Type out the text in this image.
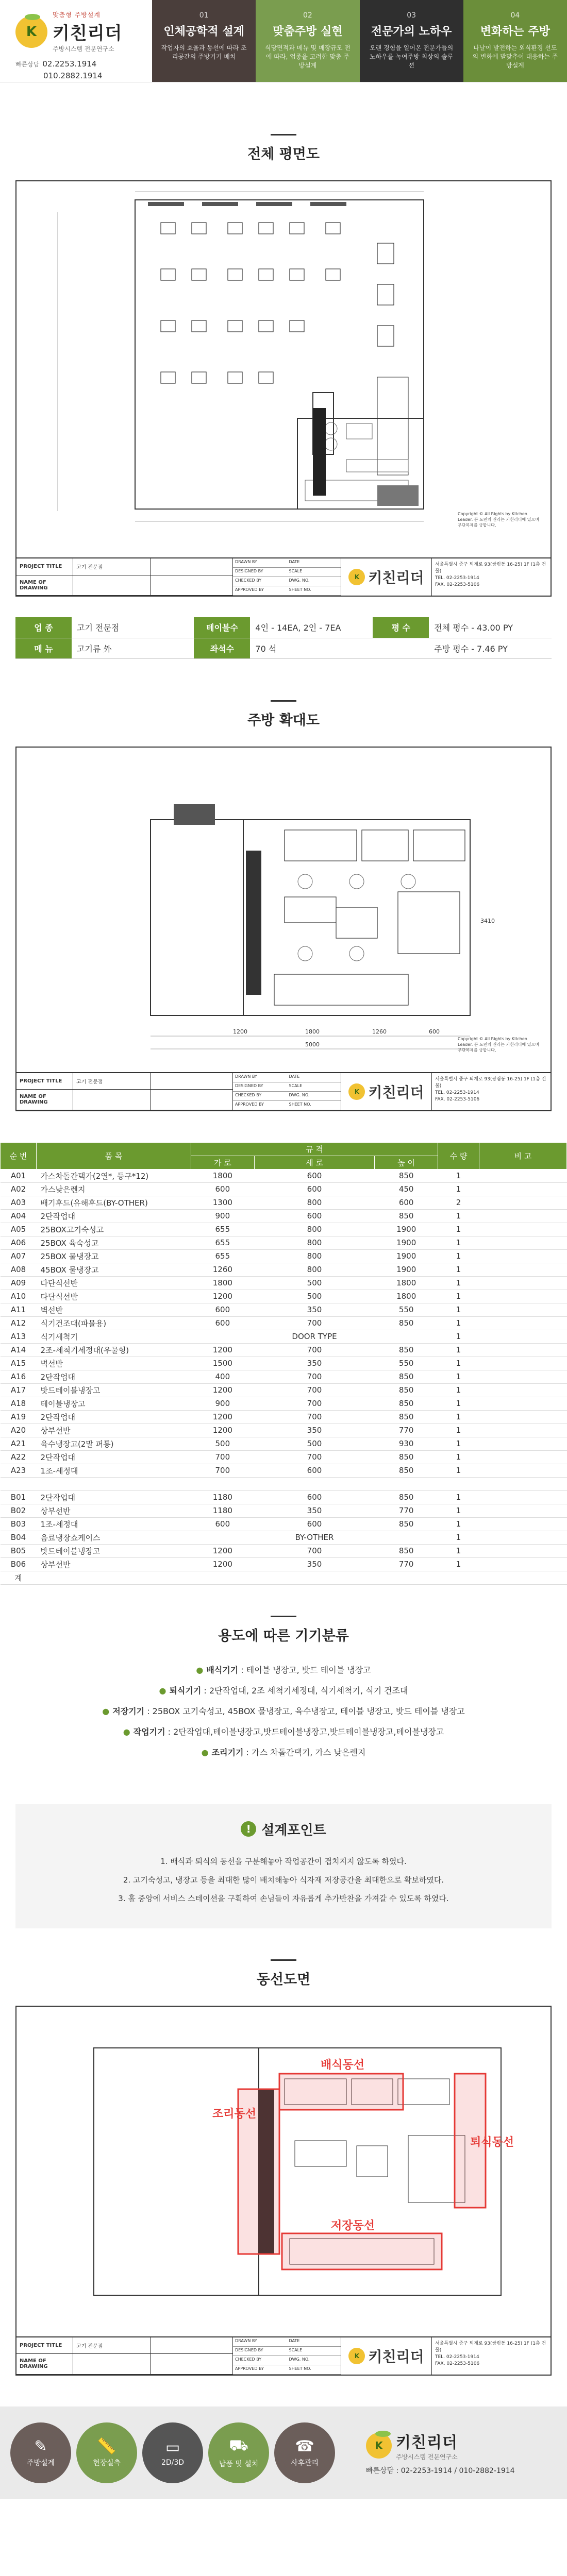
K
맞춤형 주방설계
키친리더
주방시스템 전문연구소
빠른상담 02.2253.1914
010.2882.1914
01
인체공학적 설계
작업자의 효율과 동선에 따라 조리공간의 주방기기 배치
02
맞춤주방 실현
식당면적과 메뉴 및 매장규모 전에 따라, 업종을 고려한 맞춤 주방설계
03
전문가의 노하우
오랜 경험을 일어온 전문가들의 노하우를 녹여주방 최상의 솔루션
04
변화하는 주방
나날이 발전하는 외식환경 선도의 변화에 발맞추어 대응하는 주방설계
전체 평면도
Copyright © All Rights by Kitchen Leader. 본 도면의 권리는 키친리더에 있으며 무단복제를 금합니다.
PROJECT TITLE	고기 전문점
NAME OF DRAWING
DRAWN BY	DATE
DESIGNED BY	SCALE
CHECKED BY	DWG. NO.
APPROVED BY	SHEET NO.
K 키친리더
서울특별시 중구 퇴계로 93(쌍림동 16-25) 1F (1층 건물)
TEL. 02-2253-1914
FAX. 02-2253-5106
업 종	고기 전문점	테이블수	4인 - 14EA, 2인 - 7EA	평 수	전체 평수 - 43.00 PY
메 뉴	고기류 外	좌석수	70 석		주방 평수 - 7.46 PY
주방 확대도
1200	1800	1260	600
5000
3410
Copyright © All Rights by Kitchen Leader. 본 도면의 권리는 키친리더에 있으며 무단복제를 금합니다.
PROJECT TITLE	고기 전문점
NAME OF DRAWING
DRAWN BY	DATE
DESIGNED BY	SCALE
CHECKED BY	DWG. NO.
APPROVED BY	SHEET NO.
K 키친리더
서울특별시 중구 퇴계로 93(쌍림동 16-25) 1F (1층 건물)
TEL. 02-2253-1914
FAX. 02-2253-5106
순 번	품 목	규 격			수 량	비 고
		가 로	세 로	높 이		
A01	가스차돌간택가(2열*, 등구*12)	1800	600	850	1	
A02	가스낮은렌지	600	600	450	1	
A03	배기후드(유해후드(BY-OTHER)	1300	800	600	2	
A04	2단작업대	900	600	850	1	
A05	25BOX고기숙성고	655	800	1900	1	
A06	25BOX 육숙성고	655	800	1900	1	
A07	25BOX 물냉장고	655	800	1900	1	
A08	45BOX 물냉장고	1260	800	1900	1	
A09	다단식선반	1800	500	1800	1	
A10	다단식선반	1200	500	1800	1	
A11	벽선반	600	350	550	1	
A12	식기건조대(파물용)	600	700	850	1	
A13	식기세척기		DOOR TYPE		1	
A14	2조-세척기세정대(우물형)	1200	700	850	1	
A15	벽선반	1500	350	550	1	
A16	2단작업대	400	700	850	1	
A17	밧드테이블냉장고	1200	700	850	1	
A18	테이블냉장고	900	700	850	1	
A19	2단작업대	1200	700	850	1	
A20	상부선반	1200	350	770	1	
A21	육수냉장고(2말 퍼통)	500	500	930	1	
A22	2단작업대	700	700	850	1	
A23	1조-세정대	700	600	850	1	

B01	2단작업대	1180	600	850	1	
B02	상부선반	1180	350	770	1	
B03	1조-세정대	600	600	850	1	
B04	음료냉장쇼케이스		BY-OTHER		1	
B05	밧드테이블냉장고	1200	700	850	1	
B06	상부선반	1200	350	770	1	
계						
용도에 따른 기기분류
● 배식기기 : 테이블 냉장고, 밧드 테이블 냉장고
● 퇴식기기 : 2단작업대, 2조 세척기세정대, 식기세척기, 식기 건조대
● 저장기기 : 25BOX 고기숙성고, 45BOX 물냉장고, 육수냉장고, 테이블 냉장고, 밧드 테이블 냉장고
● 작업기기 : 2단작업대,테이블냉장고,밧드테이블냉장고,밧드테이블냉장고,테이블냉장고
● 조리기기 : 가스 차돌간택기, 가스 낮은렌지
! 설계포인트
1. 배식과 퇴식의 동선을 구분해놓아 작업공간이 겹치지지 않도록 하였다.
2. 고기숙성고, 냉장고 등을 최대한 많이 배치해놓아 식자재 저장공간을 최대한으로 확보하였다.
3. 홀 중앙에 서비스 스테이션을 구획하여 손님들이 자유롭게 추가반찬을 가져갈 수 있도록 하였다.
동선도면
조리동선
배식동선
퇴식동선
저장동선
PROJECT TITLE	고기 전문점
NAME OF DRAWING
DRAWN BY	DATE
DESIGNED BY	SCALE
CHECKED BY	DWG. NO.
APPROVED BY	SHEET NO.
K 키친리더
서울특별시 중구 퇴계로 93(쌍림동 16-25) 1F (1층 건물)
TEL. 02-2253-1914
FAX. 02-2253-5106
✎
주방설계
📏
현장실측
▭
2D/3D
⛟
납품 및 설치
☎
사후관리
K 키친리더
주방시스템 전문연구소
빠른상담 : 02-2253-1914 / 010-2882-1914
